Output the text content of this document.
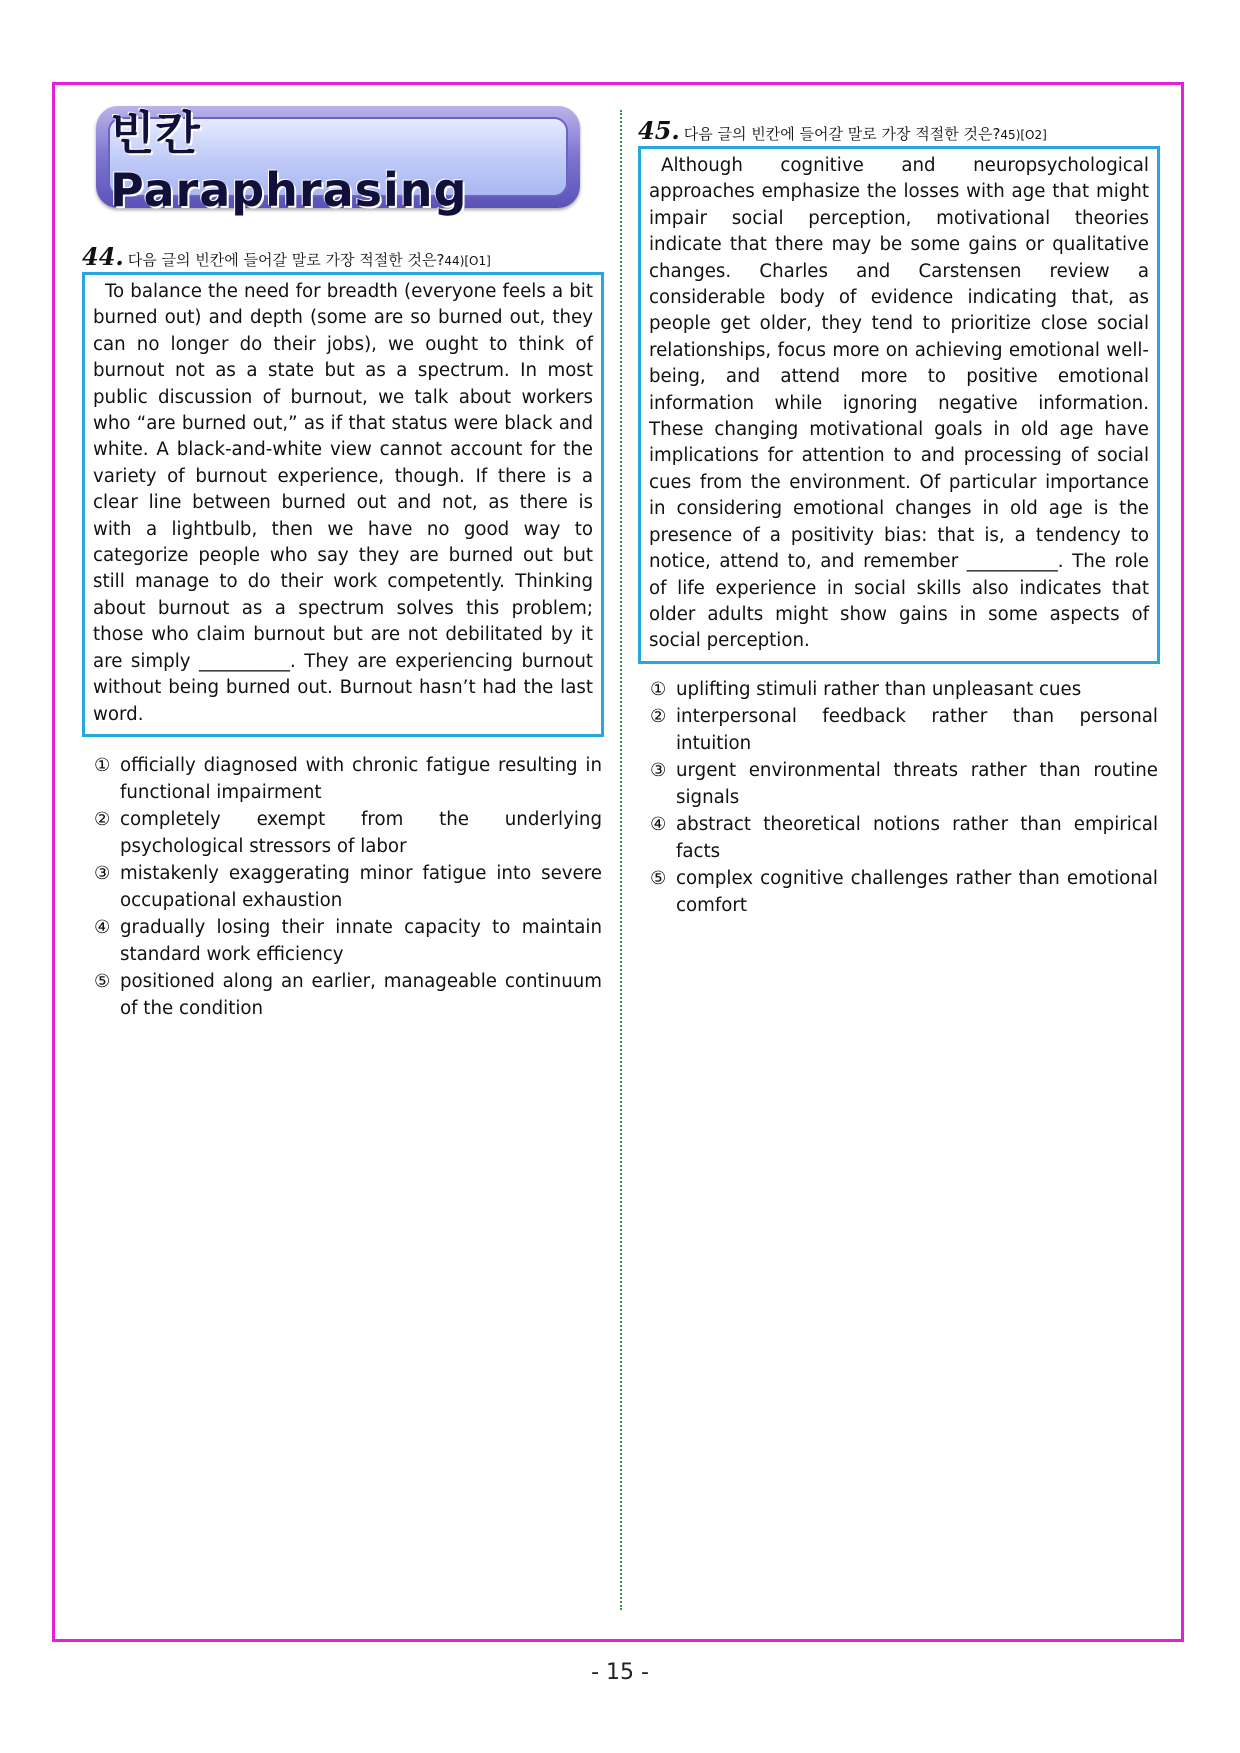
빈칸 Paraphrasing
44. 다음 글의 빈칸에 들어갈 말로 가장 적절한 것은? 44)[O1]

To balance the need for breadth (everyone feels a bit burned out) and depth (some are so burned out, they can no longer do their jobs), we ought to think of burnout not as a state but as a spectrum. In most public discussion of burnout, we talk about workers who “are burned out,” as if that status were black and white. A black-and-white view cannot account for the variety of burnout experience, though. If there is a clear line between burned out and not, as there is with a lightbulb, then we have no good way to categorize people who say they are burned out but still manage to do their work competently. Thinking about burnout as a spectrum solves this problem; those who claim burnout but are not debilitated by it are simply __________. They are experiencing burnout without being burned out. Burnout hasn’t had the last word.

① officially diagnosed with chronic fatigue resulting in functional impairment
② completely exempt from the underlying psychological stressors of labor
③ mistakenly exaggerating minor fatigue into severe occupational exhaustion
④ gradually losing their innate capacity to maintain standard work efficiency
⑤ positioned along an earlier, manageable continuum of the condition
45. 다음 글의 빈칸에 들어갈 말로 가장 적절한 것은? 45)[O2]

Although cognitive and neuropsychological approaches emphasize the losses with age that might impair social perception, motivational theories indicate that there may be some gains or qualitative changes. Charles and Carstensen review a considerable body of evidence indicating that, as people get older, they tend to prioritize close social relationships, focus more on achieving emotional well-being, and attend more to positive emotional information while ignoring negative information. These changing motivational goals in old age have implications for attention to and processing of social cues from the environment. Of particular importance in considering emotional changes in old age is the presence of a positivity bias: that is, a tendency to notice, attend to, and remember __________. The role of life experience in social skills also indicates that older adults might show gains in some aspects of social perception.

① uplifting stimuli rather than unpleasant cues
② interpersonal feedback rather than personal intuition
③ urgent environmental threats rather than routine signals
④ abstract theoretical notions rather than empirical facts
⑤ complex cognitive challenges rather than emotional comfort
- 15 -
